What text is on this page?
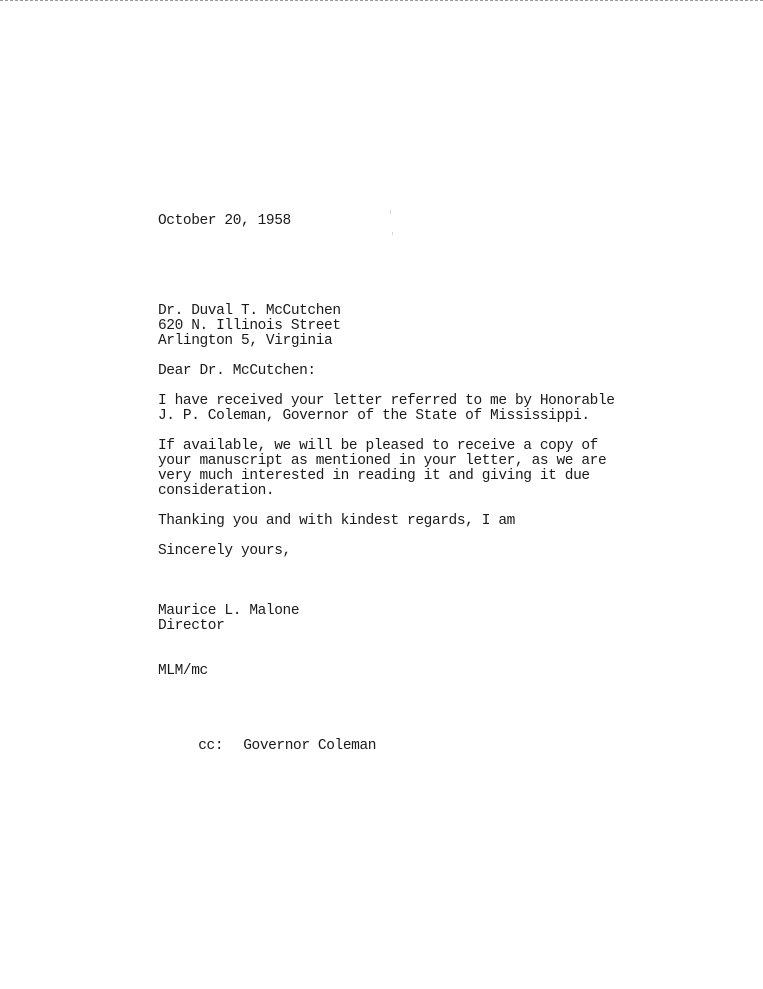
October 20, 1958
Dr. Duval T. McCutchen
620 N. Illinois Street
Arlington 5, Virginia
Dear Dr. McCutchen:
I have received your letter referred to me by Honorable
J. P. Coleman, Governor of the State of Mississippi.
If available, we will be pleased to receive a copy of
your manuscript as mentioned in your letter, as we are
very much interested in reading it and giving it due
consideration.
Thanking you and with kindest regards, I am
Sincerely yours,
Maurice L. Malone
Director
MLM/mc

cc: Governor Coleman
